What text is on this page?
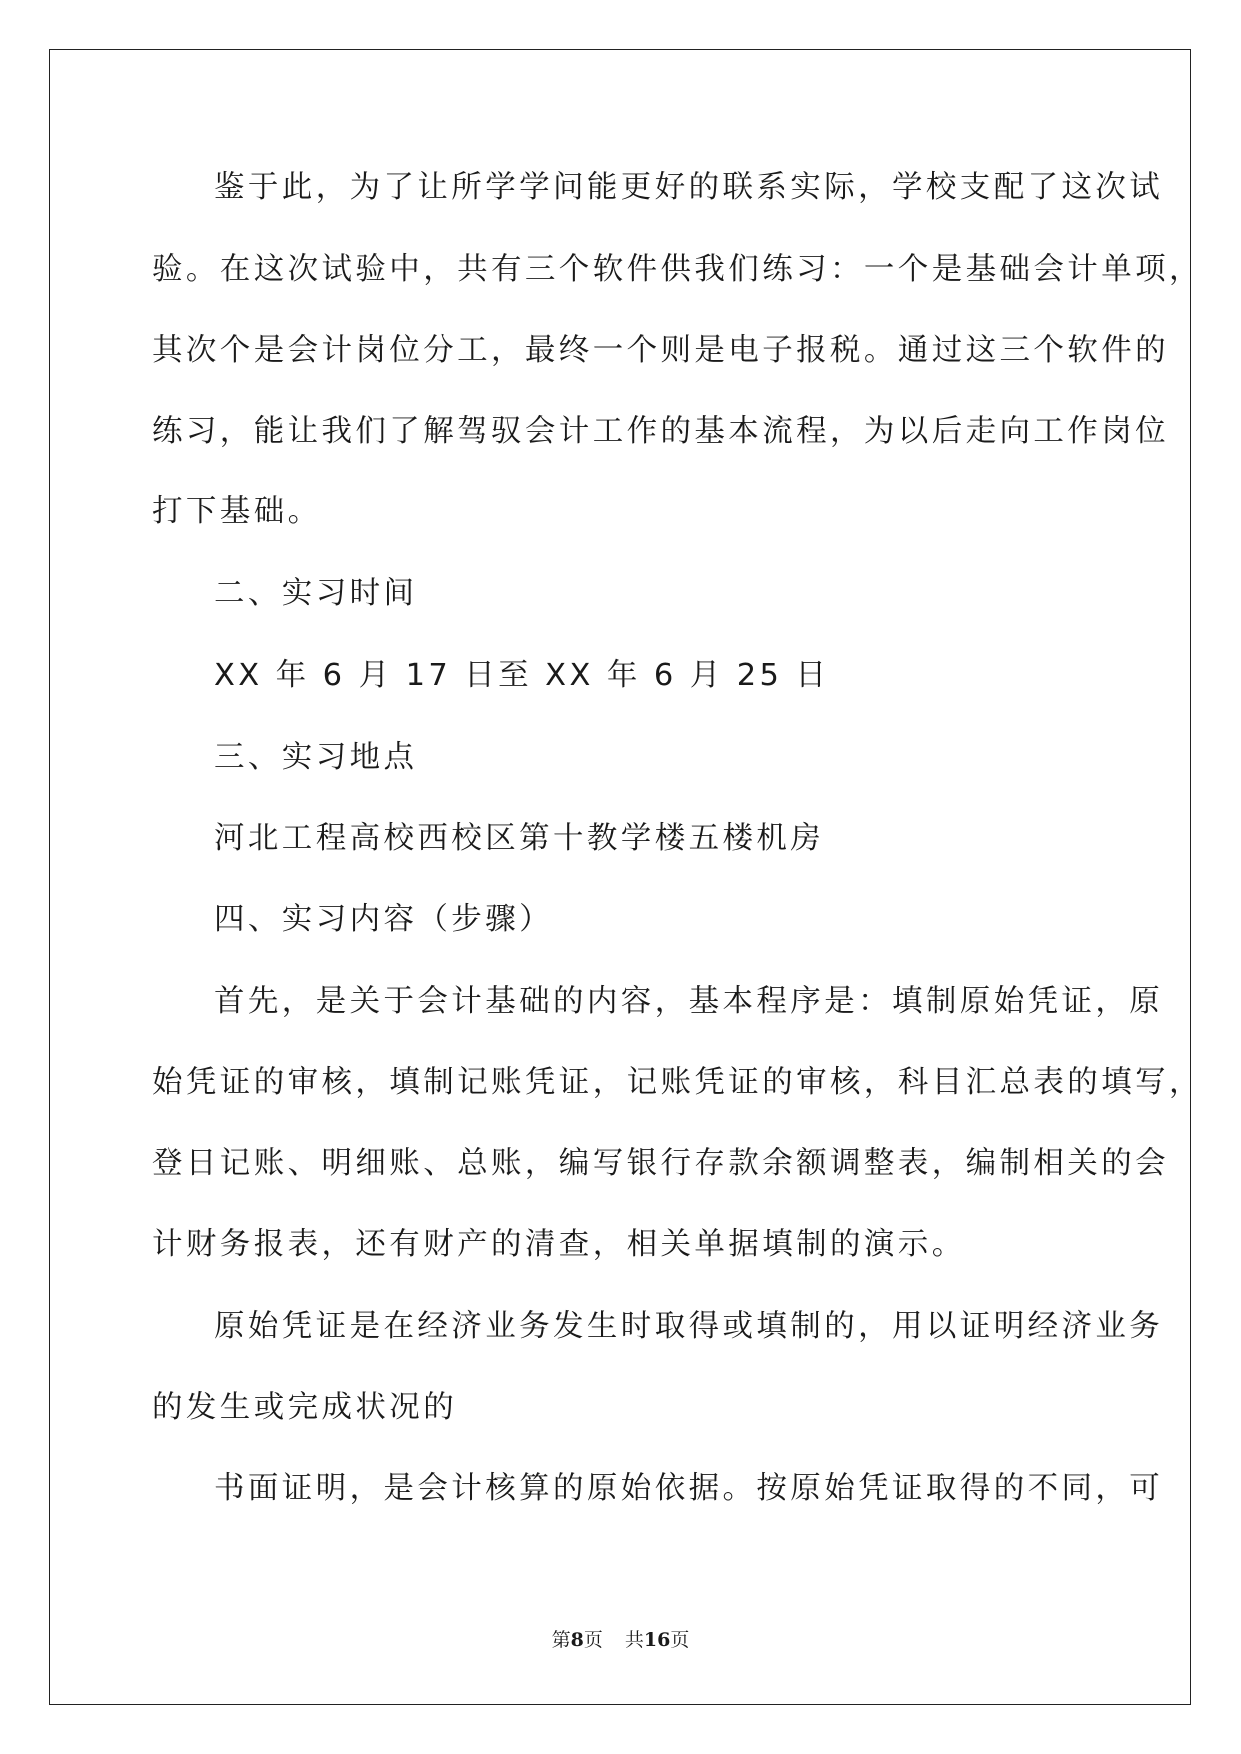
鉴于此，为了让所学学问能更好的联系实际，学校支配了这次试
验。在这次试验中，共有三个软件供我们练习：一个是基础会计单项，
其次个是会计岗位分工，最终一个则是电子报税。通过这三个软件的
练习，能让我们了解驾驭会计工作的基本流程，为以后走向工作岗位
打下基础。
二、实习时间
XX 年 6 月 17 日至 XX 年 6 月 25 日
三、实习地点
河北工程高校西校区第十教学楼五楼机房
四、实习内容（步骤）
首先，是关于会计基础的内容，基本程序是：填制原始凭证，原
始凭证的审核，填制记账凭证，记账凭证的审核，科目汇总表的填写，
登日记账、明细账、总账，编写银行存款余额调整表，编制相关的会
计财务报表，还有财产的清查，相关单据填制的演示。
原始凭证是在经济业务发生时取得或填制的，用以证明经济业务
的发生或完成状况的
书面证明，是会计核算的原始依据。按原始凭证取得的不同，可
第8页 共16页
